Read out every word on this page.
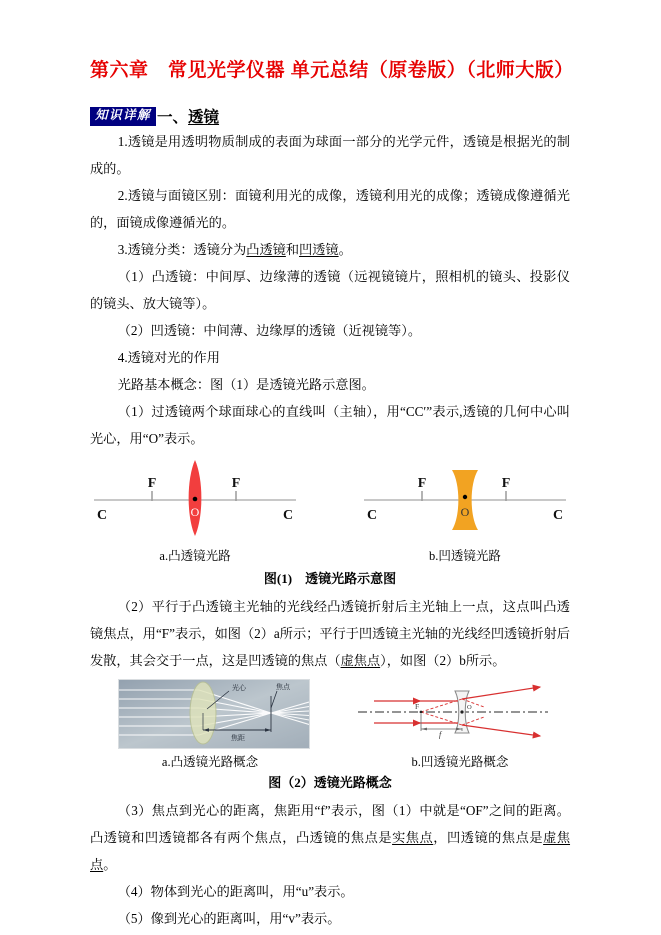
第六章　常见光学仪器 单元总结（原卷版）（北师大版）
知识详解 一、透镜

1.透镜是用透明物质制成的表面为球面一部分的光学元件，透镜是根据光的制成的。

2.透镜与面镜区别：面镜利用光的成像，透镜利用光的成像；透镜成像遵循光的，面镜成像遵循光的。

3.透镜分类：透镜分为凸透镜和凹透镜。

（1）凸透镜：中间厚、边缘薄的透镜（远视镜镜片，照相机的镜头、投影仪的镜头、放大镜等）。

（2）凹透镜：中间薄、边缘厚的透镜（近视镜等）。

4.透镜对光的作用

光路基本概念：图（1）是透镜光路示意图。

（1）过透镜两个球面球心的直线叫（主轴），用“CC′”表示,透镜的几何中心叫光心，用“O”表示。

F	F
C	C
O
F	F
C	C
O
a.凸透镜光路	b.凹透镜光路
图(1)　透镜光路示意图

（2）平行于凸透镜主光轴的光线经凸透镜折射后主光轴上一点，这点叫凸透镜焦点，用“F”表示，如图（2）a所示；平行于凹透镜主光轴的光线经凹透镜折射后发散，其会交于一点，这是凹透镜的焦点（虚焦点），如图（2）b所示。

光心	焦点
焦距
F	O
f
a.凸透镜光路概念	b.凹透镜光路概念
图（2）透镜光路概念

（3）焦点到光心的距离，焦距用“f”表示，图（1）中就是“OF”之间的距离。凸透镜和凹透镜都各有两个焦点，凸透镜的焦点是实焦点，凹透镜的焦点是虚焦点。

（4）物体到光心的距离叫，用“u”表示。

（5）像到光心的距离叫，用“v”表示。
